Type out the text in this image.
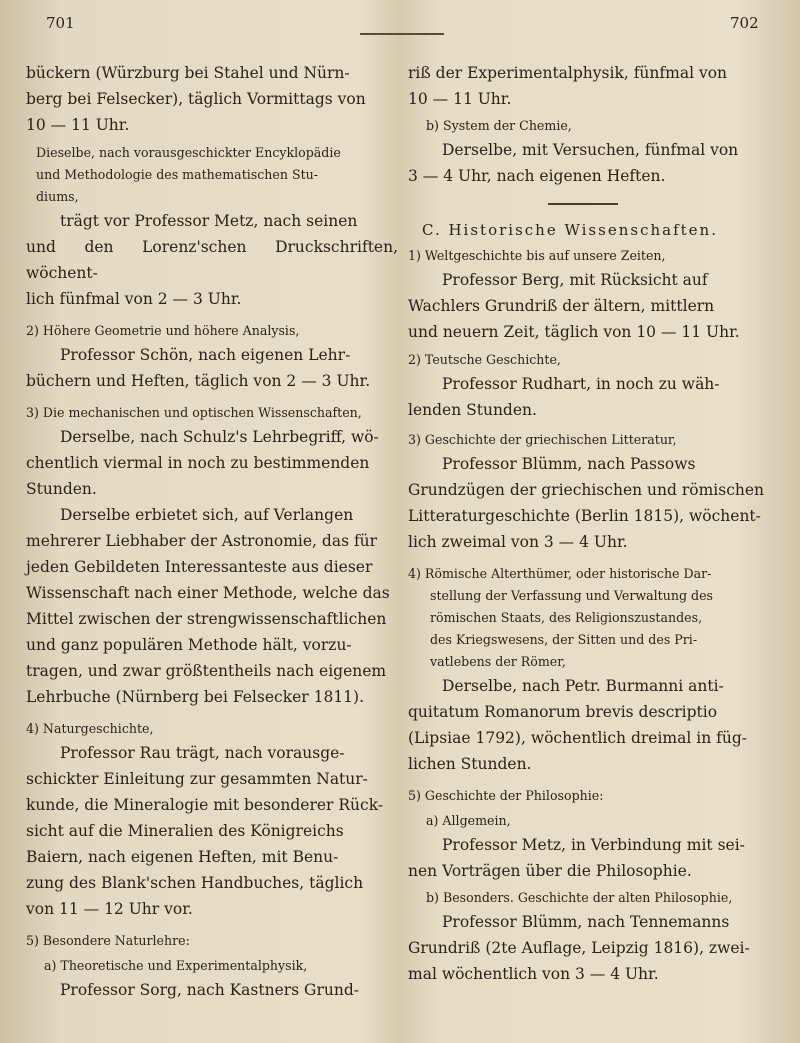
701	702

bückern (Würzburg bei Stahel und Nürn-

berg bei Felsecker), täglich Vormittags von

10 — 11 Uhr.

Dieselbe, nach vorausgeschickter Encyklopädie
und Methodologie des mathematischen Stu-
diums,

trägt vor Professor Metz, nach seinen

und den Lorenz'schen Druckschriften, wöchent-

lich fünfmal von 2 — 3 Uhr.

2) Höhere Geometrie und höhere Analysis,

Professor Schön, nach eigenen Lehr-

büchern und Heften, täglich von 2 — 3 Uhr.

3) Die mechanischen und optischen Wissenschaften,

Derselbe, nach Schulz's Lehrbegriff, wö-

chentlich viermal in noch zu bestimmenden

Stunden.

Derselbe erbietet sich, auf Verlangen

mehrerer Liebhaber der Astronomie, das für

jeden Gebildeten Interessanteste aus dieser

Wissenschaft nach einer Methode, welche das

Mittel zwischen der strengwissenschaftlichen

und ganz populären Methode hält, vorzu-

tragen, und zwar größtentheils nach eigenem

Lehrbuche (Nürnberg bei Felsecker 1811).

4) Naturgeschichte,

Professor Rau trägt, nach vorausge-

schickter Einleitung zur gesammten Natur-

kunde, die Mineralogie mit besonderer Rück-

sicht auf die Mineralien des Königreichs

Baiern, nach eigenen Heften, mit Benu-

zung des Blank'schen Handbuches, täglich

von 11 — 12 Uhr vor.

5) Besondere Naturlehre:
a) Theoretische und Experimentalphysik,

Professor Sorg, nach Kastners Grund-

riß der Experimentalphysik, fünfmal von

10 — 11 Uhr.

b) System der Chemie,

Derselbe, mit Versuchen, fünfmal von

3 — 4 Uhr, nach eigenen Heften.

C. Historische Wissenschaften.
1) Weltgeschichte bis auf unsere Zeiten,

Professor Berg, mit Rücksicht auf

Wachlers Grundriß der ältern, mittlern

und neuern Zeit, täglich von 10 — 11 Uhr.

2) Teutsche Geschichte,

Professor Rudhart, in noch zu wäh-

lenden Stunden.

3) Geschichte der griechischen Litteratur,

Professor Blümm, nach Passows

Grundzügen der griechischen und römischen

Litteraturgeschichte (Berlin 1815), wöchent-

lich zweimal von 3 — 4 Uhr.

4) Römische Alterthümer, oder historische Dar-
stellung der Verfassung und Verwaltung des
römischen Staats, des Religionszustandes,
des Kriegswesens, der Sitten und des Pri-
vatlebens der Römer,

Derselbe, nach Petr. Burmanni anti-

quitatum Romanorum brevis descriptio

(Lipsiae 1792), wöchentlich dreimal in füg-

lichen Stunden.

5) Geschichte der Philosophie:
a) Allgemein,

Professor Metz, in Verbindung mit sei-

nen Vorträgen über die Philosophie.

b) Besonders. Geschichte der alten Philosophie,

Professor Blümm, nach Tennemanns

Grundriß (2te Auflage, Leipzig 1816), zwei-

mal wöchentlich von 3 — 4 Uhr.
